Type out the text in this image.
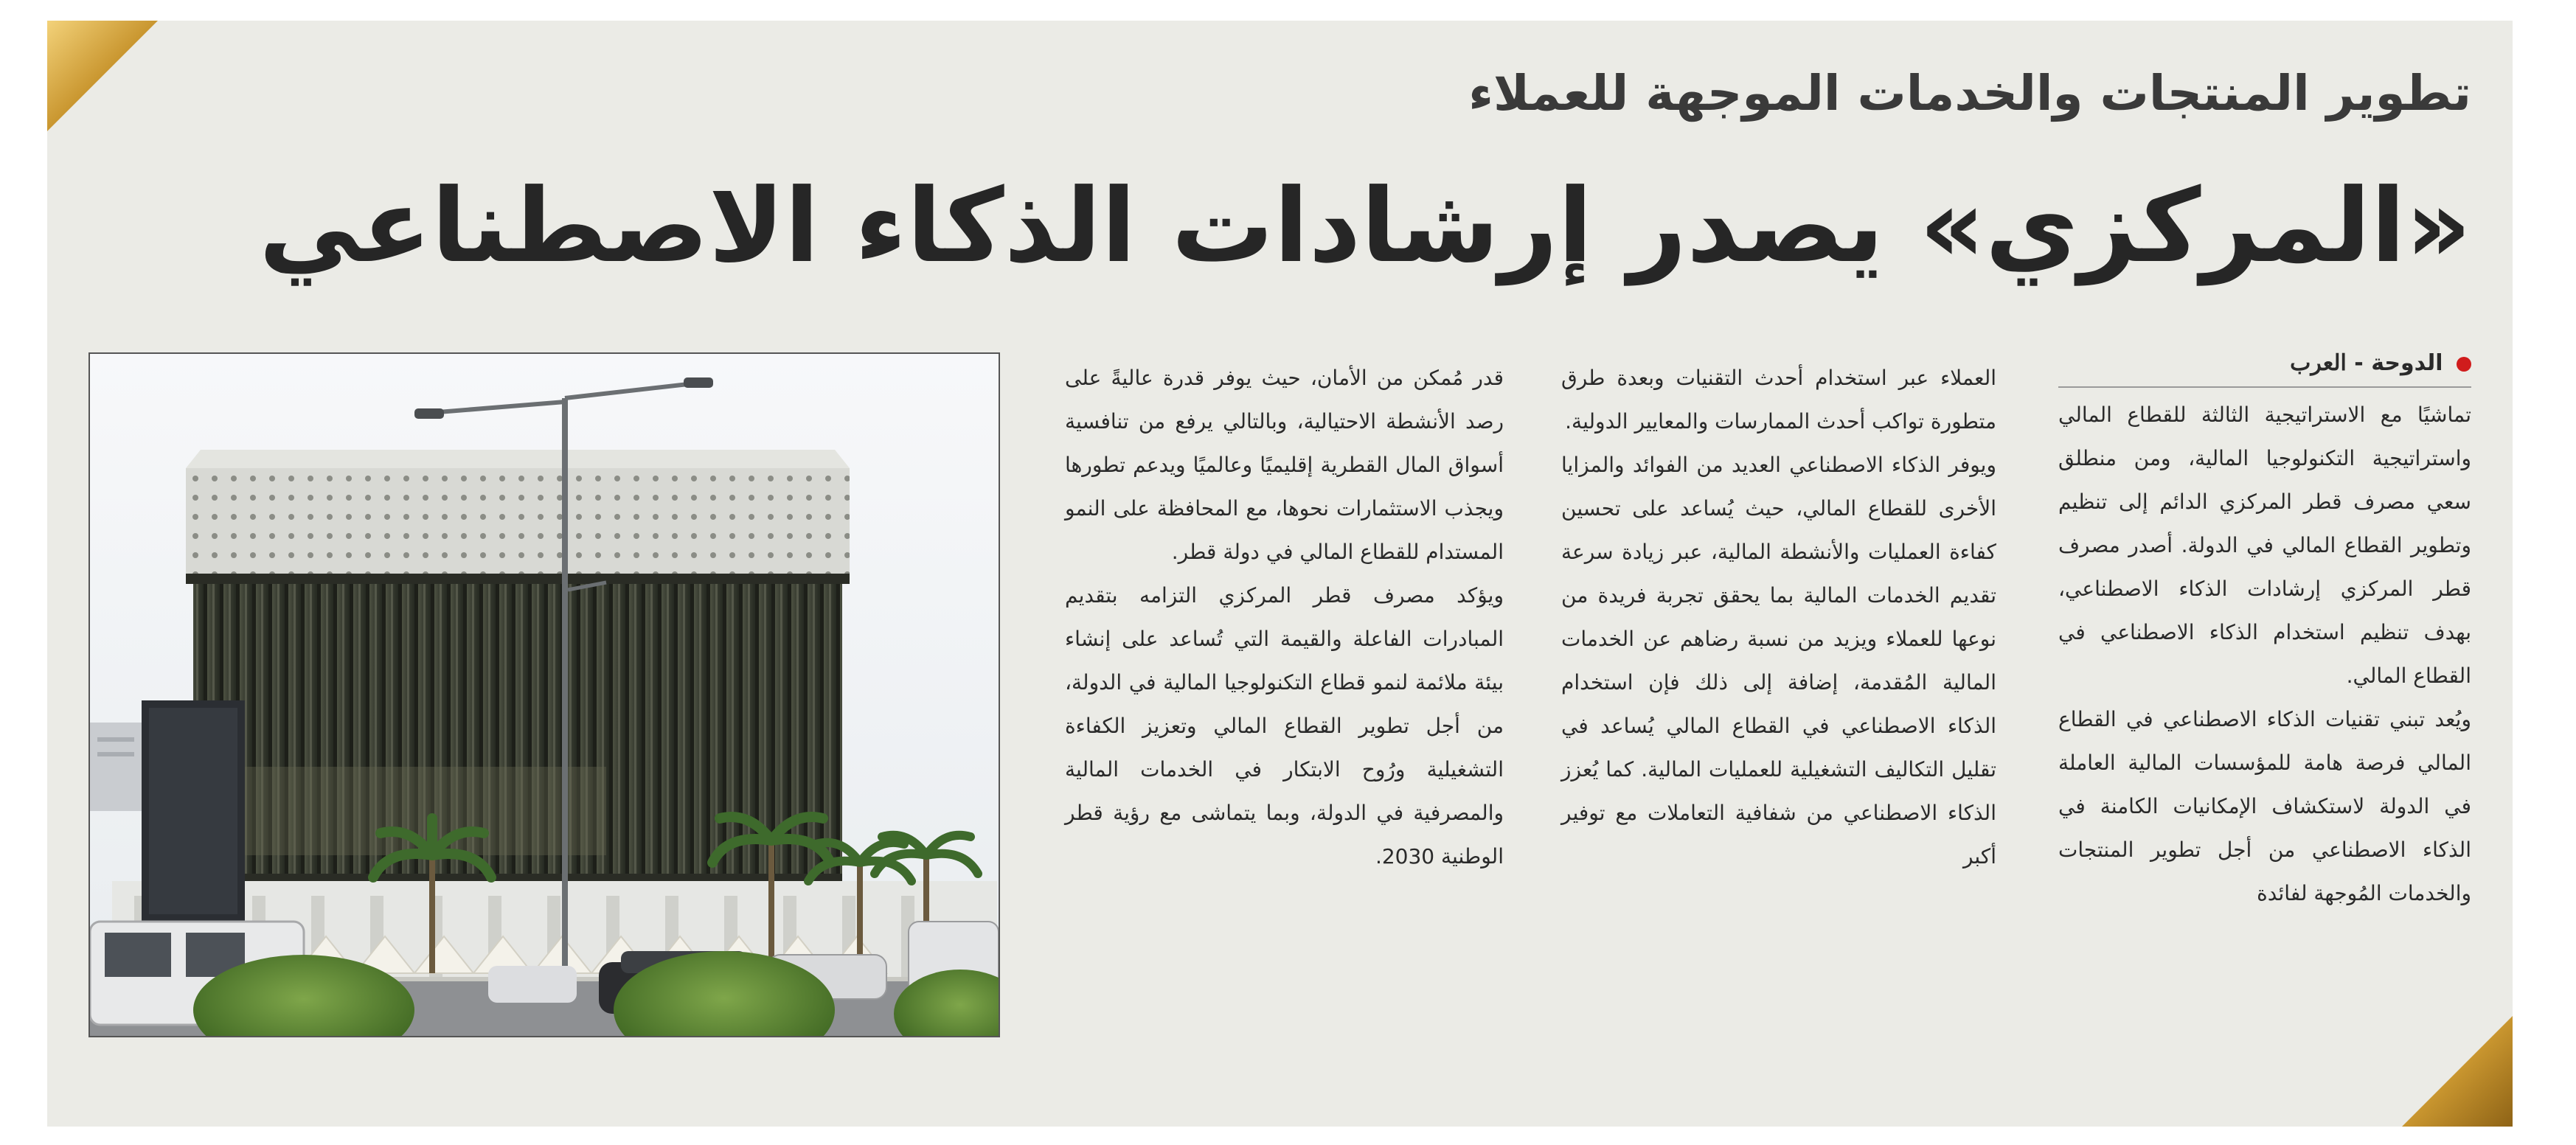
تطوير المنتجات والخدمات الموجهة للعملاء
«المركزي» يصدر إرشادات الذكاء الاصطناعي
الدوحة - العرب

تماشيًا مع الاستراتيجية الثالثة للقطاع المالي واستراتيجية التكنولوجيا المالية، ومن منطلق سعي مصرف قطر المركزي الدائم إلى تنظيم وتطوير القطاع المالي في الدولة. أصدر مصرف قطر المركزي إرشادات الذكاء الاصطناعي، بهدف تنظيم استخدام الذكاء الاصطناعي في القطاع المالي.

ويُعد تبني تقنيات الذكاء الاصطناعي في القطاع المالي فرصة هامة للمؤسسات المالية العاملة في الدولة لاستكشاف الإمكانيات الكامنة في الذكاء الاصطناعي من أجل تطوير المنتجات والخدمات المُوجهة لفائدة

العملاء عبر استخدام أحدث التقنيات وبعدة طرق متطورة تواكب أحدث الممارسات والمعايير الدولية.

ويوفر الذكاء الاصطناعي العديد من الفوائد والمزايا الأخرى للقطاع المالي، حيث يُساعد على تحسين كفاءة العمليات والأنشطة المالية، عبر زيادة سرعة تقديم الخدمات المالية بما يحقق تجربة فريدة من نوعها للعملاء ويزيد من نسبة رضاهم عن الخدمات المالية المُقدمة، إضافة إلى ذلك فإن استخدام الذكاء الاصطناعي في القطاع المالي يُساعد في تقليل التكاليف التشغيلية للعمليات المالية. كما يُعزز الذكاء الاصطناعي من شفافية التعاملات مع توفير أكبر

قدر مُمكن من الأمان، حيث يوفر قدرة عاليةً على رصد الأنشطة الاحتيالية، وبالتالي يرفع من تنافسية أسواق المال القطرية إقليميًا وعالميًا ويدعم تطورها ويجذب الاستثمارات نحوها، مع المحافظة على النمو المستدام للقطاع المالي في دولة قطر.

ويؤكد مصرف قطر المركزي التزامه بتقديم المبادرات الفاعلة والقيمة التي تُساعد على إنشاء بيئة ملائمة لنمو قطاع التكنولوجيا المالية في الدولة، من أجل تطوير القطاع المالي وتعزيز الكفاءة التشغيلية ورُوح الابتكار في الخدمات المالية والمصرفية في الدولة، وبما يتماشى مع رؤية قطر الوطنية 2030.
